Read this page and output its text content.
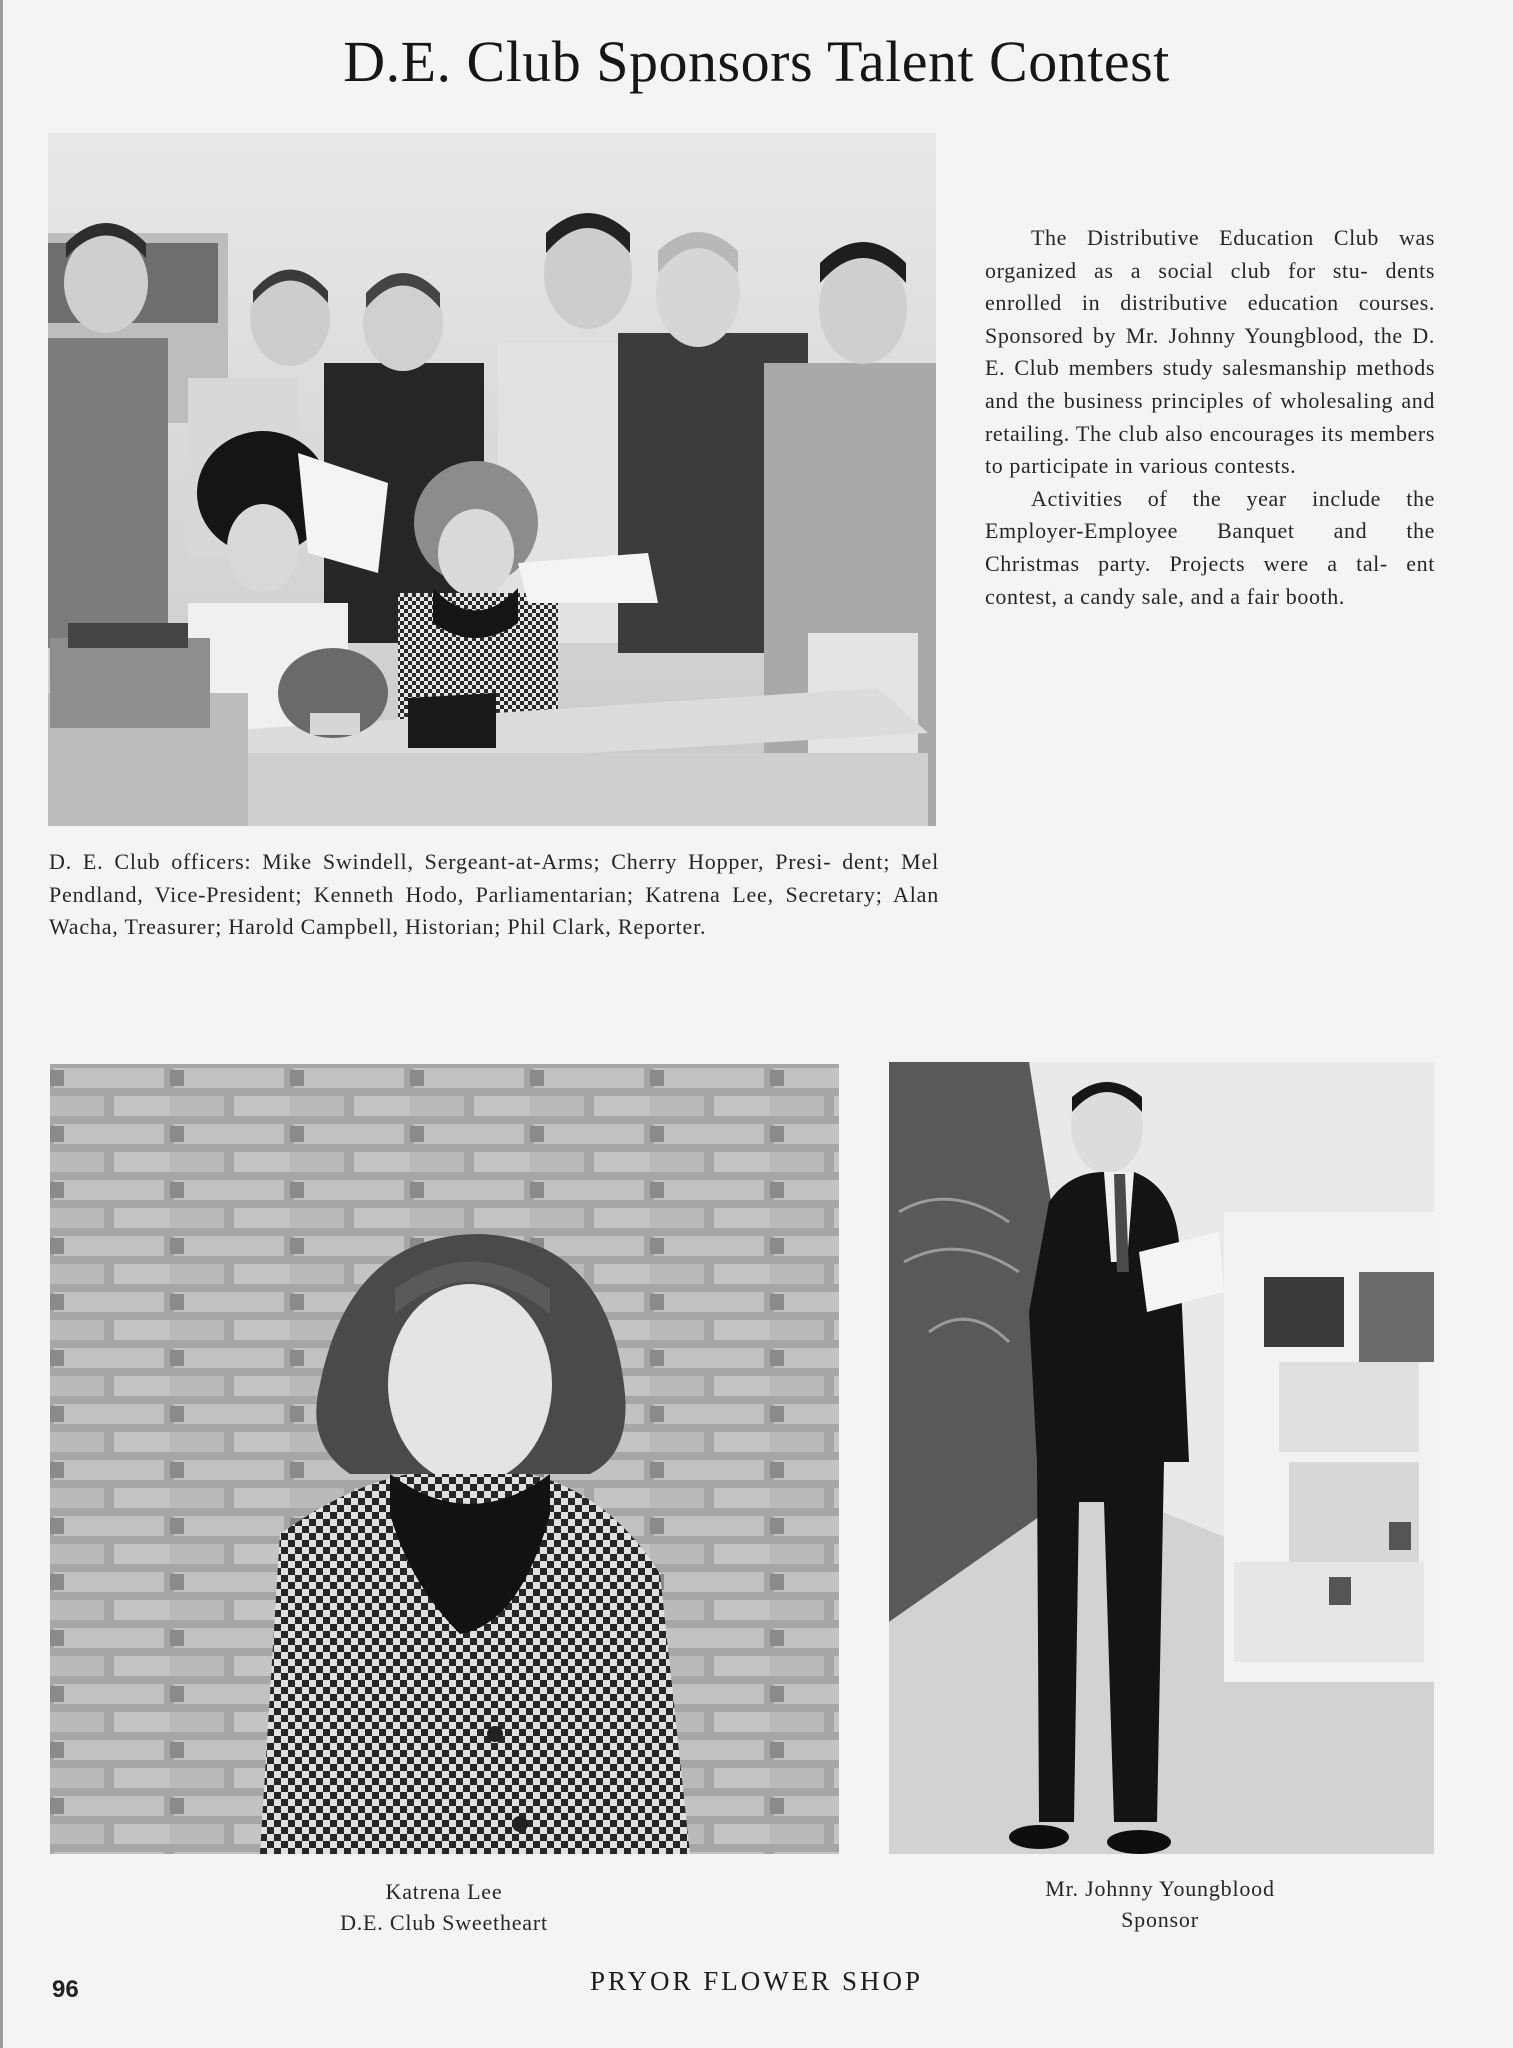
D.E. Club Sponsors Talent Contest

The Distributive Education Club was organized as a social club for stu- dents enrolled in distributive education courses. Sponsored by Mr. Johnny Youngblood, the D. E. Club members study salesmanship methods and the business principles of wholesaling and retailing. The club also encourages its members to participate in various contests.

Activities of the year include the Employer-Employee Banquet and the Christmas party. Projects were a tal- ent contest, a candy sale, and a fair booth.

D. E. Club officers: Mike Swindell, Sergeant-at-Arms; Cherry Hopper, Presi- dent; Mel Pendland, Vice-President; Kenneth Hodo, Parliamentarian; Katrena Lee, Secretary; Alan Wacha, Treasurer; Harold Campbell, Historian; Phil Clark, Reporter.
Katrena Lee
D.E. Club Sweetheart
Mr. Johnny Youngblood
Sponsor
96	PRYOR FLOWER SHOP
